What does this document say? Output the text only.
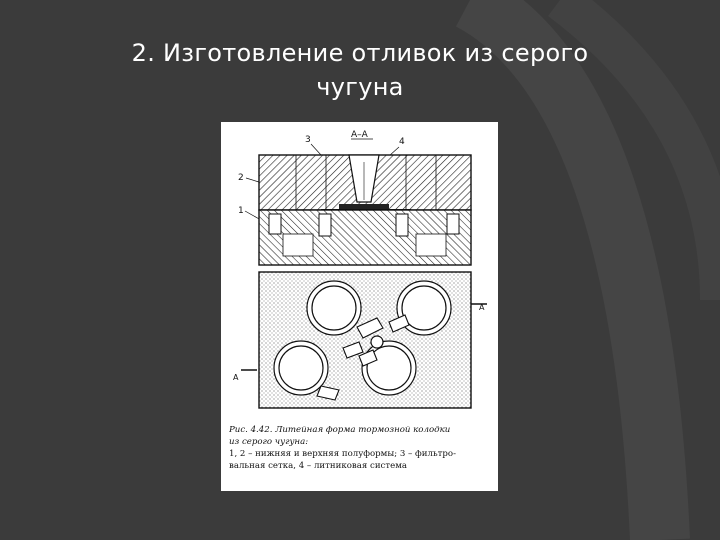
2. Изготовление отливок из серого
чугуна
A–A
3	4
2
1
A
A
Рис. 4.42. Литейная форма тормозной колодки
из серого чугуна:
1, 2 – нижняя и верхняя полуформы; 3 – фильтро-
вальная сетка, 4 – литниковая система
